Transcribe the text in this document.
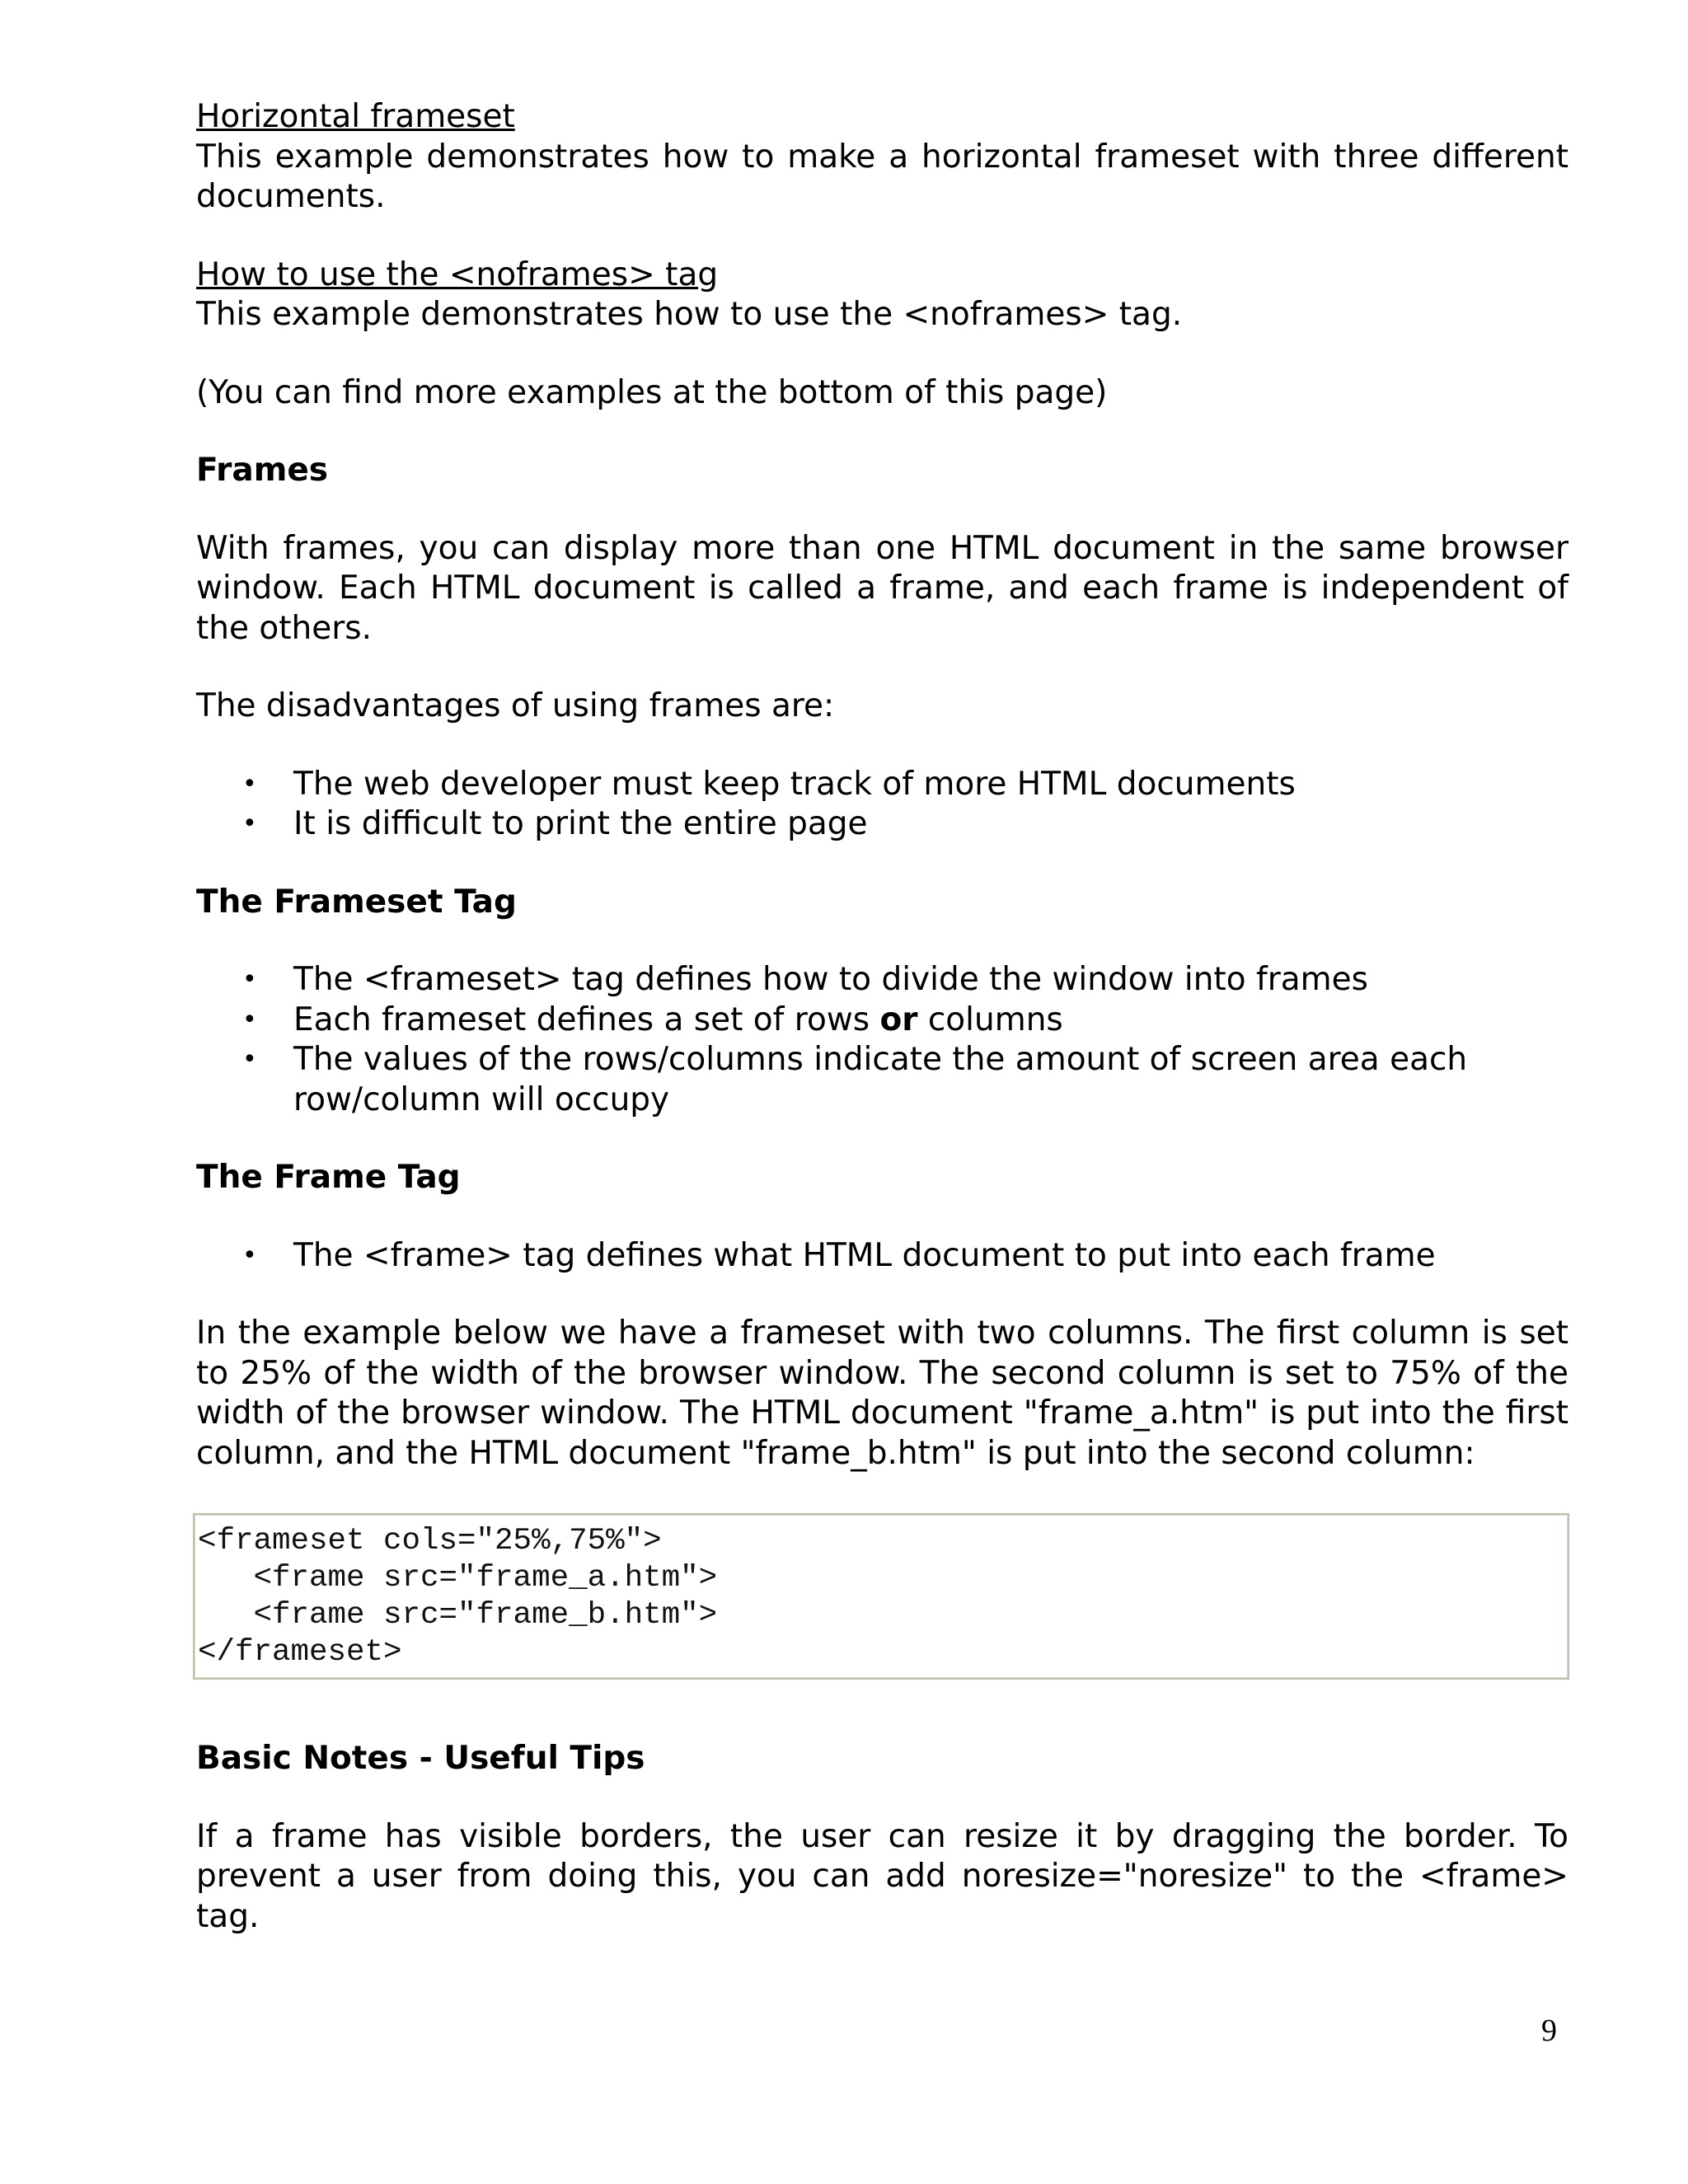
Horizontal frameset

This example demonstrates how to make a horizontal frameset with three different documents.

How to use the <noframes> tag

This example demonstrates how to use the <noframes> tag.

(You can find more examples at the bottom of this page)

Frames

With frames, you can display more than one HTML document in the same browser window. Each HTML document is called a frame, and each frame is independent of the others.

The disadvantages of using frames are:

• The web developer must keep track of more HTML documents
• It is difficult to print the entire page
The Frameset Tag
• The <frameset> tag defines how to divide the window into frames
• Each frameset defines a set of rows or columns
• The values of the rows/columns indicate the amount of screen area each row/column will occupy
The Frame Tag
• The <frame> tag defines what HTML document to put into each frame

In the example below we have a frameset with two columns. The first column is set to 25% of the width of the browser window. The second column is set to 75% of the width of the browser window. The HTML document "frame_a.htm" is put into the first column, and the HTML document "frame_b.htm" is put into the second column:

<frameset cols="25%,75%">
<frame src="frame_a.htm">
<frame src="frame_b.htm">
</frameset>
Basic Notes - Useful Tips

If a frame has visible borders, the user can resize it by dragging the border. To prevent a user from doing this, you can add noresize="noresize" to the <frame> tag.

9
